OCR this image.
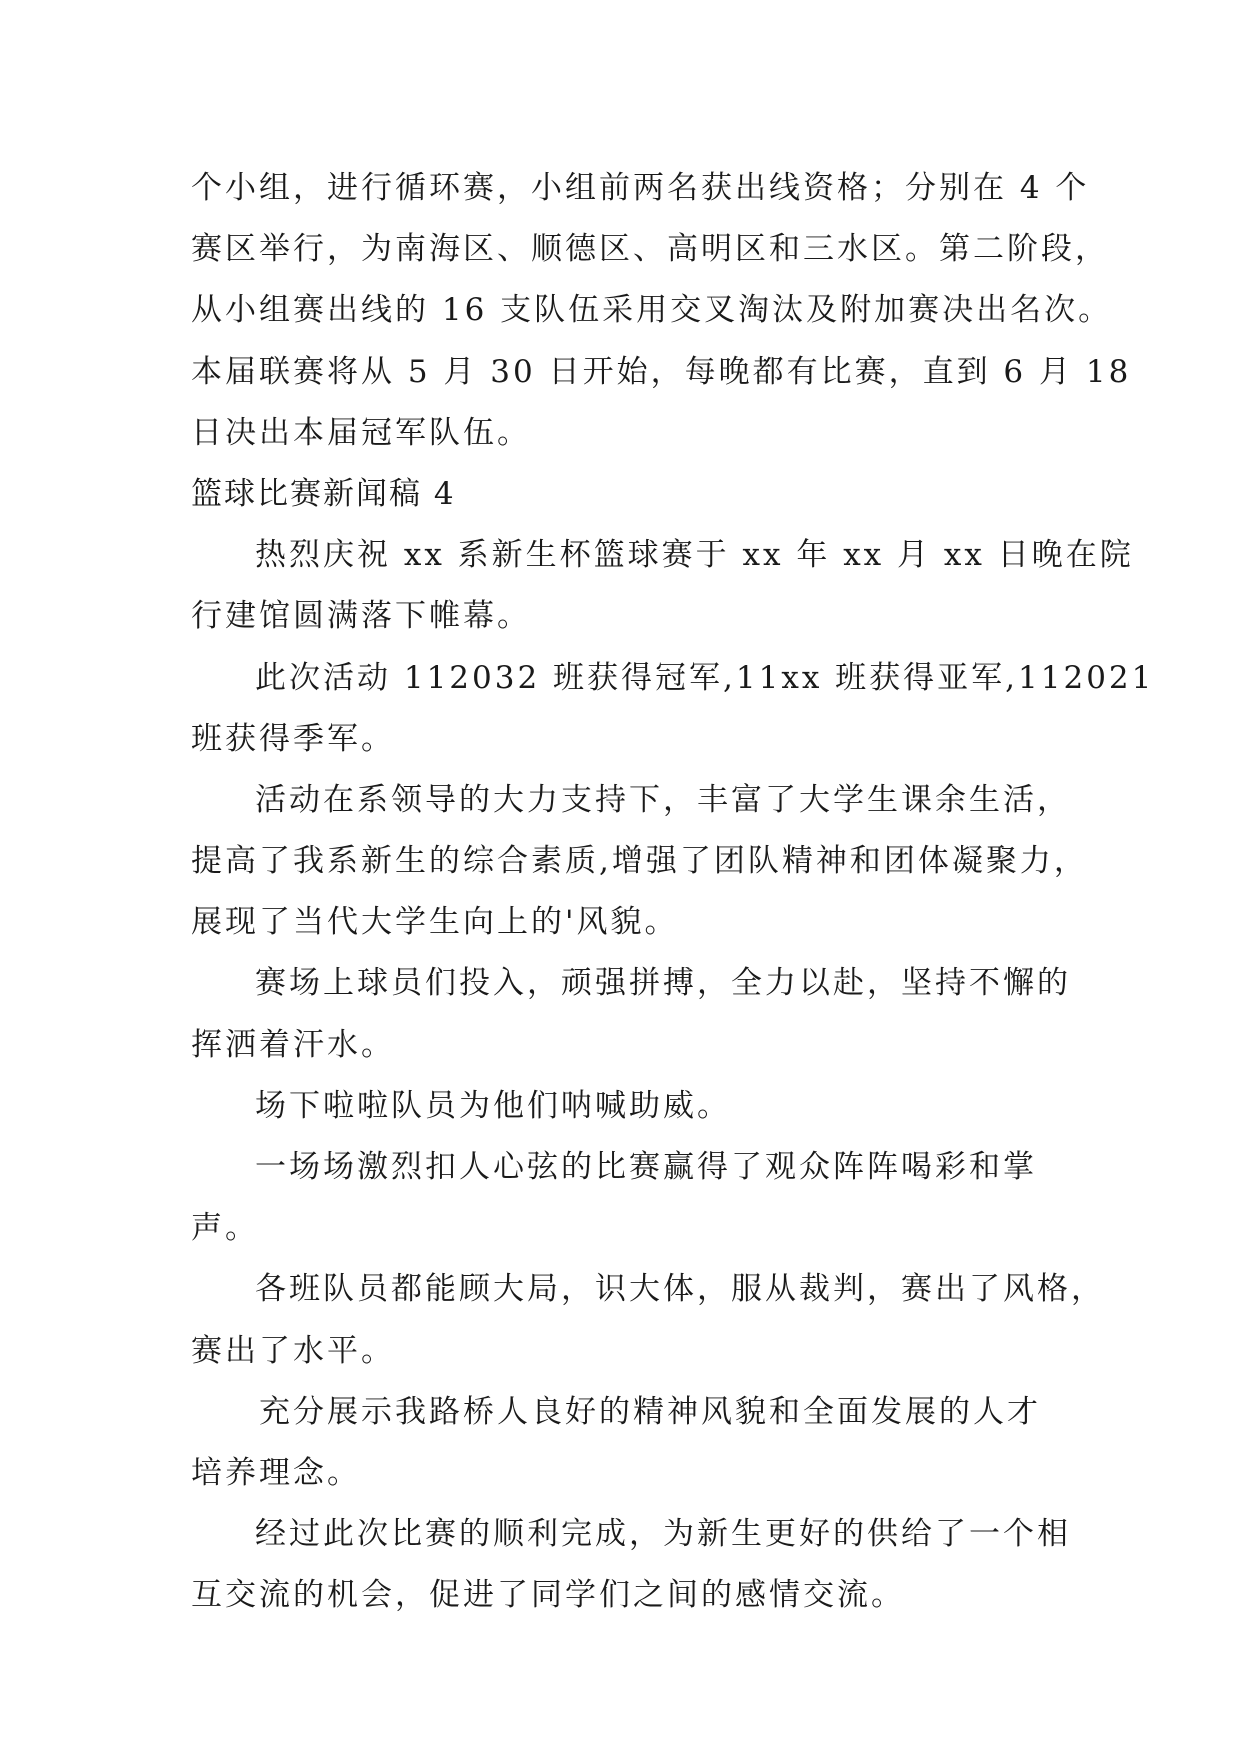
个小组，进行循环赛，小组前两名获出线资格；分别在 4 个
赛区举行，为南海区、顺德区、高明区和三水区。第二阶段，
从小组赛出线的 16 支队伍采用交叉淘汰及附加赛决出名次。
本届联赛将从 5 月 30 日开始，每晚都有比赛，直到 6 月 18
日决出本届冠军队伍。
篮球比赛新闻稿 4
热烈庆祝 xx 系新生杯篮球赛于 xx 年 xx 月 xx 日晚在院
行建馆圆满落下帷幕。
此次活动 112032 班获得冠军,11xx 班获得亚军,112021
班获得季军。
活动在系领导的大力支持下，丰富了大学生课余生活，
提高了我系新生的综合素质,增强了团队精神和团体凝聚力，
展现了当代大学生向上的'风貌。
赛场上球员们投入，顽强拼搏，全力以赴，坚持不懈的
挥洒着汗水。
场下啦啦队员为他们呐喊助威。
一场场激烈扣人心弦的比赛赢得了观众阵阵喝彩和掌
声。
各班队员都能顾大局，识大体，服从裁判，赛出了风格，
赛出了水平。
充分展示我路桥人良好的精神风貌和全面发展的人才
培养理念。
经过此次比赛的顺利完成，为新生更好的供给了一个相
互交流的机会，促进了同学们之间的感情交流。
